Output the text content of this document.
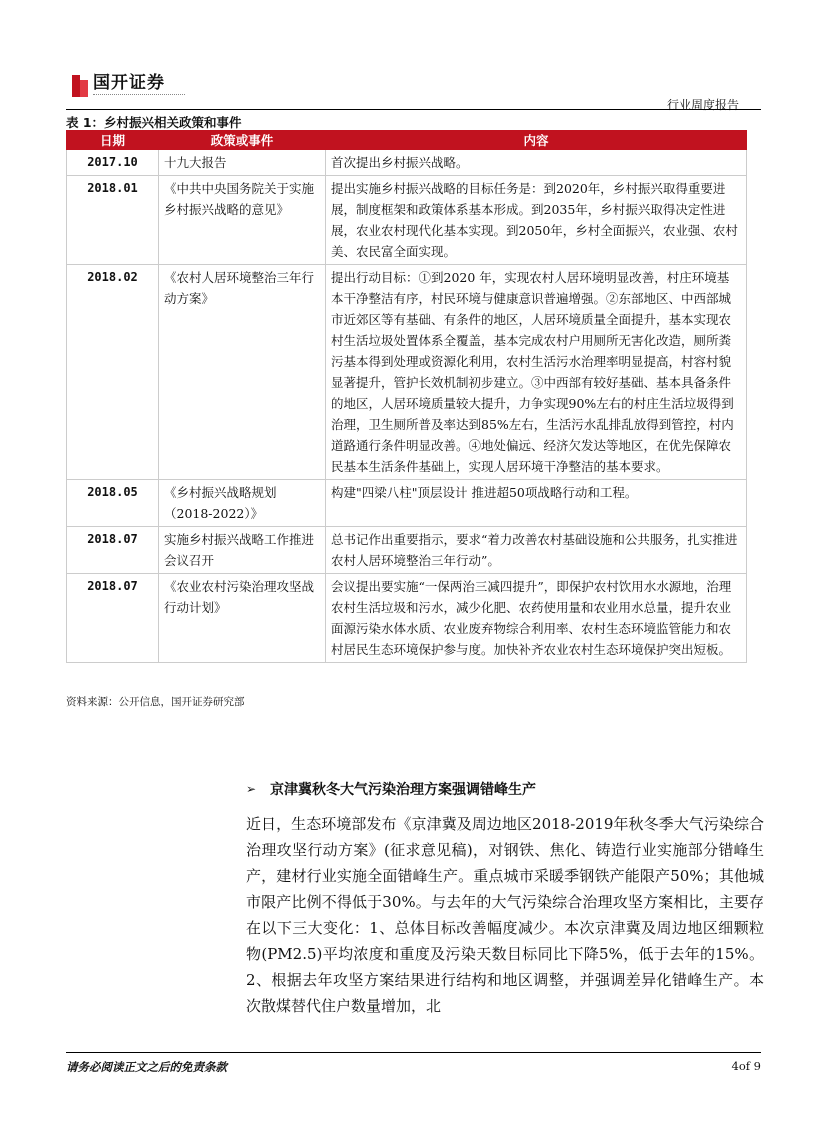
国开证券
行业周度报告
表 1：乡村振兴相关政策和事件
日期	政策或事件	内容
2017.10	十九大报告	首次提出乡村振兴战略。
2018.01	《中共中央国务院关于实施乡村振兴战略的意见》	提出实施乡村振兴战略的目标任务是：到2020年，乡村振兴取得重要进展，制度框架和政策体系基本形成。到2035年，乡村振兴取得决定性进展，农业农村现代化基本实现。到2050年，乡村全面振兴，农业强、农村美、农民富全面实现。
2018.02	《农村人居环境整治三年行动方案》	提出行动目标：①到2020 年，实现农村人居环境明显改善，村庄环境基本干净整洁有序，村民环境与健康意识普遍增强。②东部地区、中西部城市近郊区等有基础、有条件的地区，人居环境质量全面提升，基本实现农村生活垃圾处置体系全覆盖，基本完成农村户用厕所无害化改造，厕所粪污基本得到处理或资源化利用，农村生活污水治理率明显提高，村容村貌显著提升，管护长效机制初步建立。③中西部有较好基础、基本具备条件的地区，人居环境质量较大提升，力争实现90%左右的村庄生活垃圾得到治理，卫生厕所普及率达到85%左右，生活污水乱排乱放得到管控，村内道路通行条件明显改善。④地处偏远、经济欠发达等地区，在优先保障农民基本生活条件基础上，实现人居环境干净整洁的基本要求。
2018.05	《乡村振兴战略规划（2018-2022）》	构建"四梁八柱"顶层设计 推进超50项战略行动和工程。
2018.07	实施乡村振兴战略工作推进会议召开	总书记作出重要指示，要求“着力改善农村基础设施和公共服务，扎实推进农村人居环境整治三年行动”。
2018.07	《农业农村污染治理攻坚战行动计划》	会议提出要实施“一保两治三减四提升”，即保护农村饮用水水源地，治理农村生活垃圾和污水，减少化肥、农药使用量和农业用水总量，提升农业面源污染水体水质、农业废弃物综合利用率、农村生态环境监管能力和农村居民生态环境保护参与度。加快补齐农业农村生态环境保护突出短板。
资料来源：公开信息，国开证券研究部
➢ 京津冀秋冬大气污染治理方案强调错峰生产
近日，生态环境部发布《京津冀及周边地区2018-2019年秋冬季大气污染综合治理攻坚行动方案》(征求意见稿)，对钢铁、焦化、铸造行业实施部分错峰生产，建材行业实施全面错峰生产。重点城市采暖季钢铁产能限产50%；其他城市限产比例不得低于30%。与去年的大气污染综合治理攻坚方案相比，主要存在以下三大变化：1、总体目标改善幅度减少。本次京津冀及周边地区细颗粒物(PM2.5)平均浓度和重度及污染天数目标同比下降5%，低于去年的15%。2、根据去年攻坚方案结果进行结构和地区调整，并强调差异化错峰生产。本次散煤替代住户数量增加，北
请务必阅读正文之后的免责条款	4of 9
